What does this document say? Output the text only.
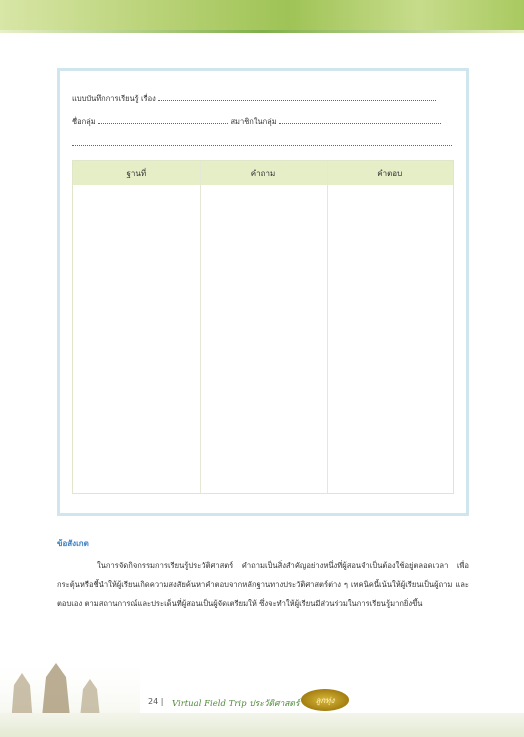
แบบบันทึกการเรียนรู้ เรื่อง
ชื่อกลุ่ม	สมาชิกในกลุ่ม
ฐานที่	คำถาม	คำตอบ
ข้อสังเกต

ในการจัดกิจกรรมการเรียนรู้ประวัติศาสตร์ คำถามเป็นสิ่งสำคัญอย่างหนึ่งที่ผู้สอนจำเป็นต้องใช้อยู่ตลอดเวลา เพื่อกระตุ้นหรือชี้นำให้ผู้เรียนเกิดความสงสัยค้นหาคำตอบจากหลักฐานทางประวัติศาสตร์ต่าง ๆ เทคนิคนี้เน้นให้ผู้เรียนเป็นผู้ถาม และตอบเอง ตามสถานการณ์และประเด็นที่ผู้สอนเป็นผู้จัดเตรียมให้ ซึ่งจะทำให้ผู้เรียนมีส่วนร่วมในการเรียนรู้มากยิ่งขึ้น

24 | Virtual Field Trip ประวัติศาสตร์	ลูกทุ่ง
